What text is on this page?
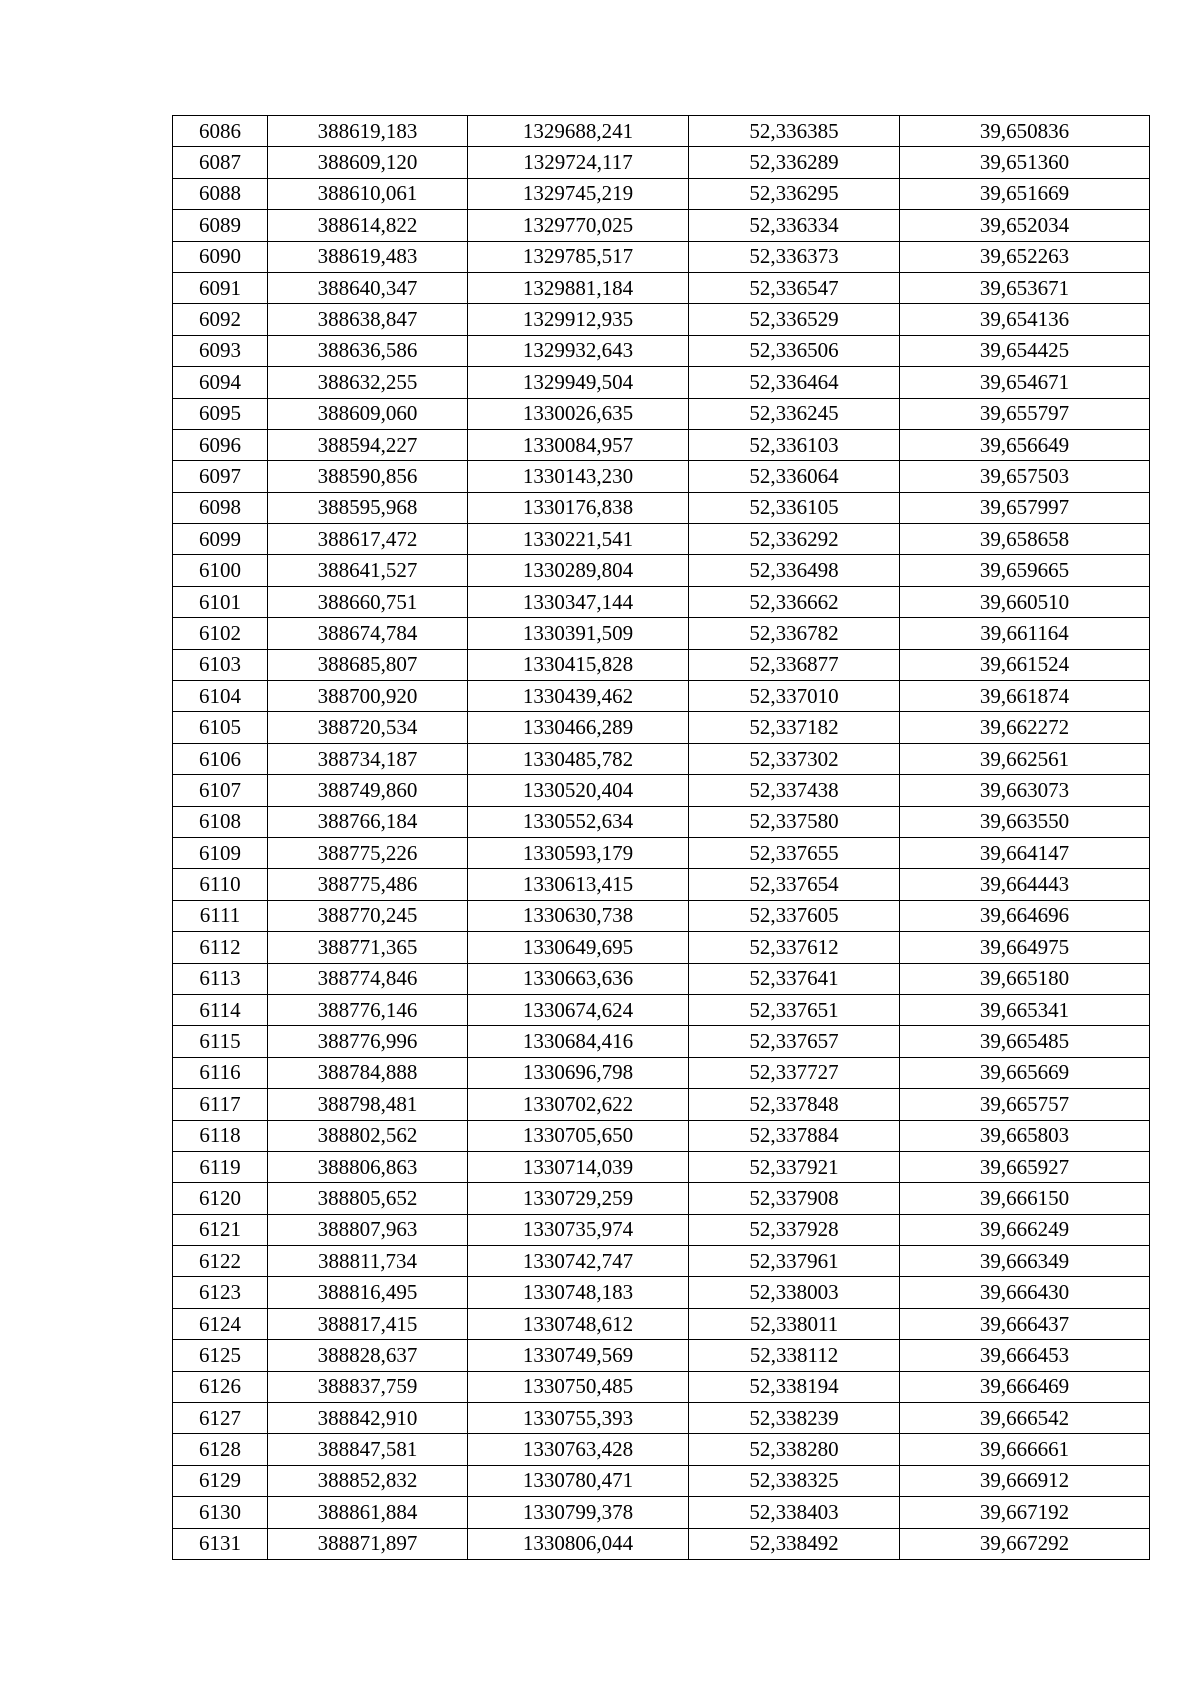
6086	388619,183	1329688,241	52,336385	39,650836
6087	388609,120	1329724,117	52,336289	39,651360
6088	388610,061	1329745,219	52,336295	39,651669
6089	388614,822	1329770,025	52,336334	39,652034
6090	388619,483	1329785,517	52,336373	39,652263
6091	388640,347	1329881,184	52,336547	39,653671
6092	388638,847	1329912,935	52,336529	39,654136
6093	388636,586	1329932,643	52,336506	39,654425
6094	388632,255	1329949,504	52,336464	39,654671
6095	388609,060	1330026,635	52,336245	39,655797
6096	388594,227	1330084,957	52,336103	39,656649
6097	388590,856	1330143,230	52,336064	39,657503
6098	388595,968	1330176,838	52,336105	39,657997
6099	388617,472	1330221,541	52,336292	39,658658
6100	388641,527	1330289,804	52,336498	39,659665
6101	388660,751	1330347,144	52,336662	39,660510
6102	388674,784	1330391,509	52,336782	39,661164
6103	388685,807	1330415,828	52,336877	39,661524
6104	388700,920	1330439,462	52,337010	39,661874
6105	388720,534	1330466,289	52,337182	39,662272
6106	388734,187	1330485,782	52,337302	39,662561
6107	388749,860	1330520,404	52,337438	39,663073
6108	388766,184	1330552,634	52,337580	39,663550
6109	388775,226	1330593,179	52,337655	39,664147
6110	388775,486	1330613,415	52,337654	39,664443
6111	388770,245	1330630,738	52,337605	39,664696
6112	388771,365	1330649,695	52,337612	39,664975
6113	388774,846	1330663,636	52,337641	39,665180
6114	388776,146	1330674,624	52,337651	39,665341
6115	388776,996	1330684,416	52,337657	39,665485
6116	388784,888	1330696,798	52,337727	39,665669
6117	388798,481	1330702,622	52,337848	39,665757
6118	388802,562	1330705,650	52,337884	39,665803
6119	388806,863	1330714,039	52,337921	39,665927
6120	388805,652	1330729,259	52,337908	39,666150
6121	388807,963	1330735,974	52,337928	39,666249
6122	388811,734	1330742,747	52,337961	39,666349
6123	388816,495	1330748,183	52,338003	39,666430
6124	388817,415	1330748,612	52,338011	39,666437
6125	388828,637	1330749,569	52,338112	39,666453
6126	388837,759	1330750,485	52,338194	39,666469
6127	388842,910	1330755,393	52,338239	39,666542
6128	388847,581	1330763,428	52,338280	39,666661
6129	388852,832	1330780,471	52,338325	39,666912
6130	388861,884	1330799,378	52,338403	39,667192
6131	388871,897	1330806,044	52,338492	39,667292
